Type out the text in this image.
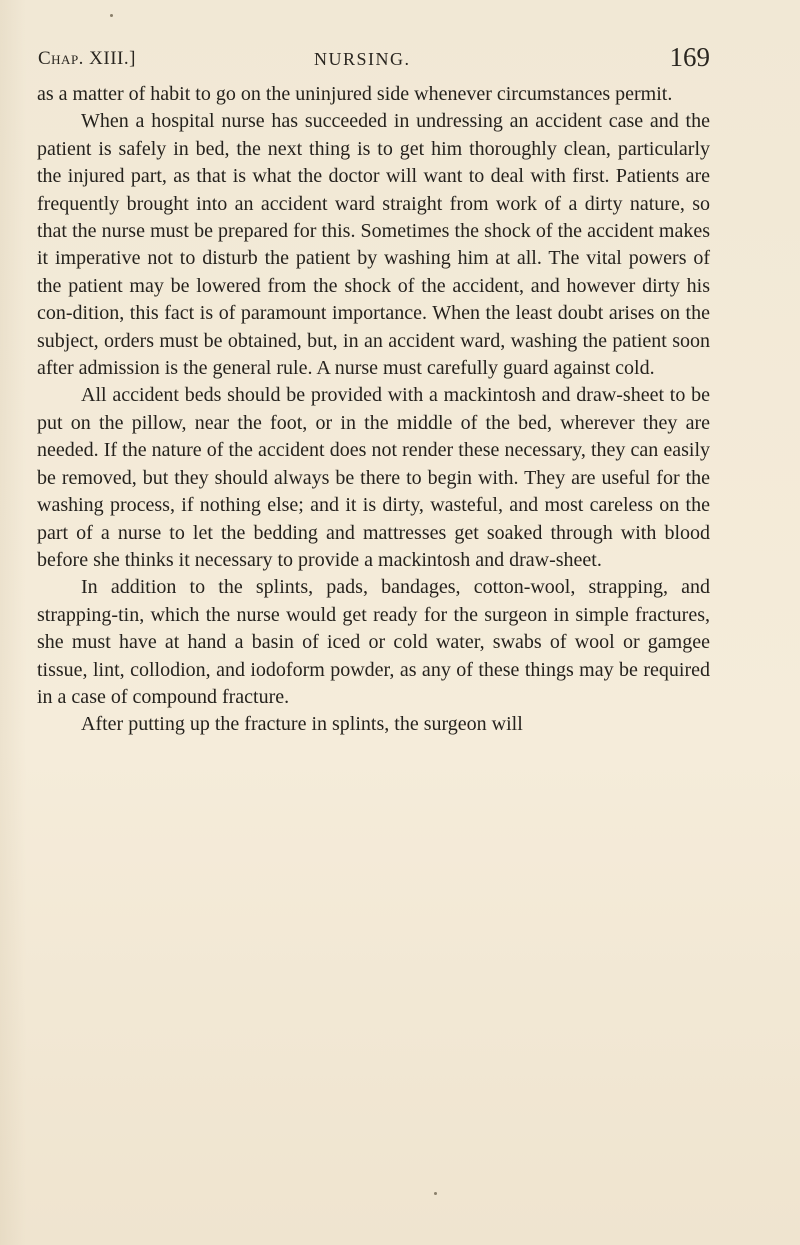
Chap. XIII.]	NURSING.	169

as a matter of habit to go on the uninjured side whenever circumstances permit.

When a hospital nurse has succeeded in undressing an accident case and the patient is safely in bed, the next thing is to get him thoroughly clean, particularly the injured part, as that is what the doctor will want to deal with first. Patients are frequently brought into an accident ward straight from work of a dirty nature, so that the nurse must be prepared for this. Sometimes the shock of the accident makes it imperative not to disturb the patient by washing him at all. The vital powers of the patient may be lowered from the shock of the accident, and however dirty his con-dition, this fact is of paramount importance. When the least doubt arises on the subject, orders must be obtained, but, in an accident ward, washing the patient soon after admission is the general rule. A nurse must carefully guard against cold.

All accident beds should be provided with a mackintosh and draw-sheet to be put on the pillow, near the foot, or in the middle of the bed, wherever they are needed. If the nature of the accident does not render these necessary, they can easily be removed, but they should always be there to begin with. They are useful for the washing process, if nothing else; and it is dirty, wasteful, and most careless on the part of a nurse to let the bedding and mattresses get soaked through with blood before she thinks it necessary to provide a mackintosh and draw-sheet.

In addition to the splints, pads, bandages, cotton-wool, strapping, and strapping-tin, which the nurse would get ready for the surgeon in simple fractures, she must have at hand a basin of iced or cold water, swabs of wool or gamgee tissue, lint, collodion, and iodoform powder, as any of these things may be required in a case of compound fracture.

After putting up the fracture in splints, the surgeon will
